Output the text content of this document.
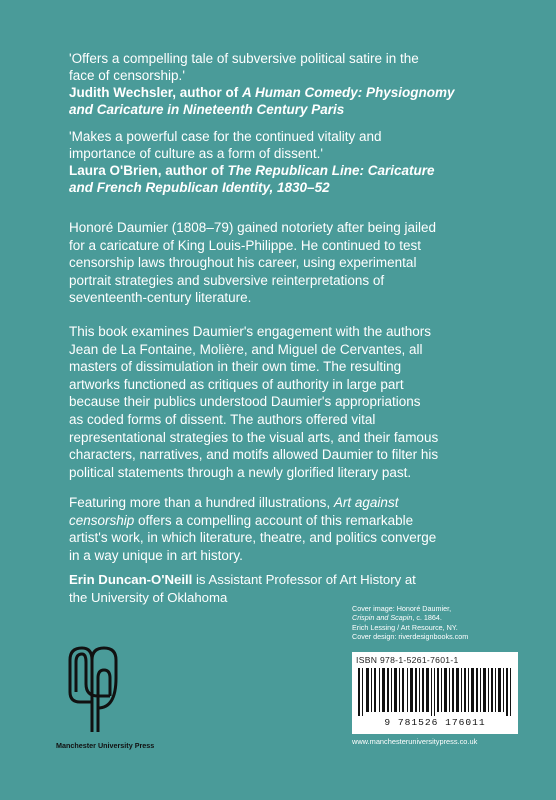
'Offers a compelling tale of subversive political satire in the
face of censorship.'
Judith Wechsler, author of A Human Comedy: Physiognomy
and Caricature in Nineteenth Century Paris
'Makes a powerful case for the continued vitality and
importance of culture as a form of dissent.'
Laura O'Brien, author of The Republican Line: Caricature
and French Republican Identity, 1830–52
Honoré Daumier (1808–79) gained notoriety after being jailed
for a caricature of King Louis-Philippe. He continued to test
censorship laws throughout his career, using experimental
portrait strategies and subversive reinterpretations of
seventeenth-century literature.
This book examines Daumier's engagement with the authors
Jean de La Fontaine, Molière, and Miguel de Cervantes, all
masters of dissimulation in their own time. The resulting
artworks functioned as critiques of authority in large part
because their publics understood Daumier's appropriations
as coded forms of dissent. The authors offered vital
representational strategies to the visual arts, and their famous
characters, narratives, and motifs allowed Daumier to filter his
political statements through a newly glorified literary past.
Featuring more than a hundred illustrations, Art against
censorship offers a compelling account of this remarkable
artist's work, in which literature, theatre, and politics converge
in a way unique in art history.
Erin Duncan-O'Neill is Assistant Professor of Art History at
the University of Oklahoma
Cover image: Honoré Daumier,
Crispin and Scapin, c. 1864.
Erich Lessing / Art Resource, NY.
Cover design: riverdesignbooks.com
Manchester University Press
ISBN 978-1-5261-7601-1
9 781526 176011
www.manchesteruniversitypress.co.uk
